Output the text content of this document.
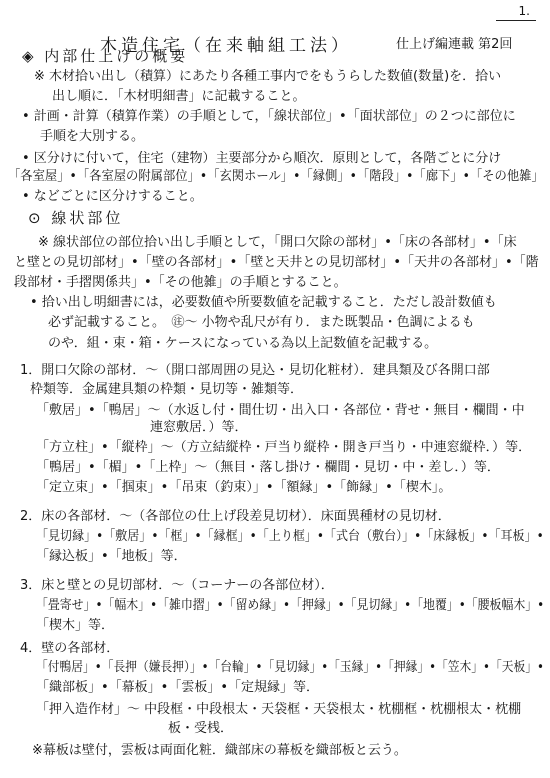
1.
木造住宅（在来軸組工法）	仕上げ編連載 第2回
◈ 内部仕上げの概要
※ 木材拾い出し（積算）にあたり各種工事内でをもうらした数値(数量)を．拾い
出し順に．「木材明細書」に記載すること。
• 計画・計算（積算作業）の手順として，「線状部位」•「面状部位」の２つに部位に
手順を大別する。
• 区分けに付いて，住宅（建物）主要部分から順次．原則として，各階ごとに分け
「各室屋」•「各室屋の附属部位」•「玄関ホール」•「縁側」•「階段」•「廊下」•「その他雑」
• などごとに区分けすること。
⊙ 線状部位
※ 線状部位の部位拾い出し手順として，「開口欠除の部材」•「床の各部材」•「床
と壁との見切部材」•「壁の各部材」•「壁と天井との見切部材」•「天井の各部材」•「階
段部材・手摺関係共」•「その他雑」の手順とすること。
• 拾い出し明細書には，必要数値や所要数値を記載すること．ただし設計数値も
必ず記載すること。　㊟～ 小物や乱尺が有り．また既製品・色調によるも
のや．組・束・箱・ケースになっている為以上記数値を記載する。
1．開口欠除の部材．～（開口部周囲の見込・見切化粧材）．建具類及び各開口部
枠類等．金属建具類の枠類・見切等・雑類等．
「敷居」•「鴨居」～（水返し付・間仕切・出入口・各部位・背せ・無目・欄間・中
連窓敷居．）等．
「方立柱」•「縦枠」～（方立結縦枠・戸当り縦枠・開き戸当り・中連窓縦枠．）等．
「鴨居」•「楣」•「上枠」～（無目・落し掛け・欄間・見切・中・差し．）等．
「定立束」•「掴束」•「吊束（釣束）」•「額縁」•「飾縁」•「楔木」。
2．床の各部材．～（各部位の仕上げ段差見切材）．床面異種材の見切材．
「見切縁」•「敷居」•「框」•「縁框」•「上り框」•「式台（敷台）」•「床縁板」•「耳板」•
「縁込板」•「地板」等．
3．床と壁との見切部材．～（コーナーの各部位材）．
「畳寄せ」•「幅木」•「雑巾摺」•「留め縁」•「押縁」•「見切縁」•「地覆」•「腰板幅木」•
「楔木」等．
4．壁の各部材．
「付鴨居」•「長押（嫌長押）」•「台輪」•「見切縁」•「玉縁」•「押縁」•「笠木」•「天板」•
「織部板」•「幕板」•「雲板」•「定規縁」等．
「押入造作材」～ 中段框・中段根太・天袋框・天袋根太・枕棚框・枕棚根太・枕棚
板・受桟．
※幕板は壁付，雲板は両面化粧．織部床の幕板を織部板と云う。
